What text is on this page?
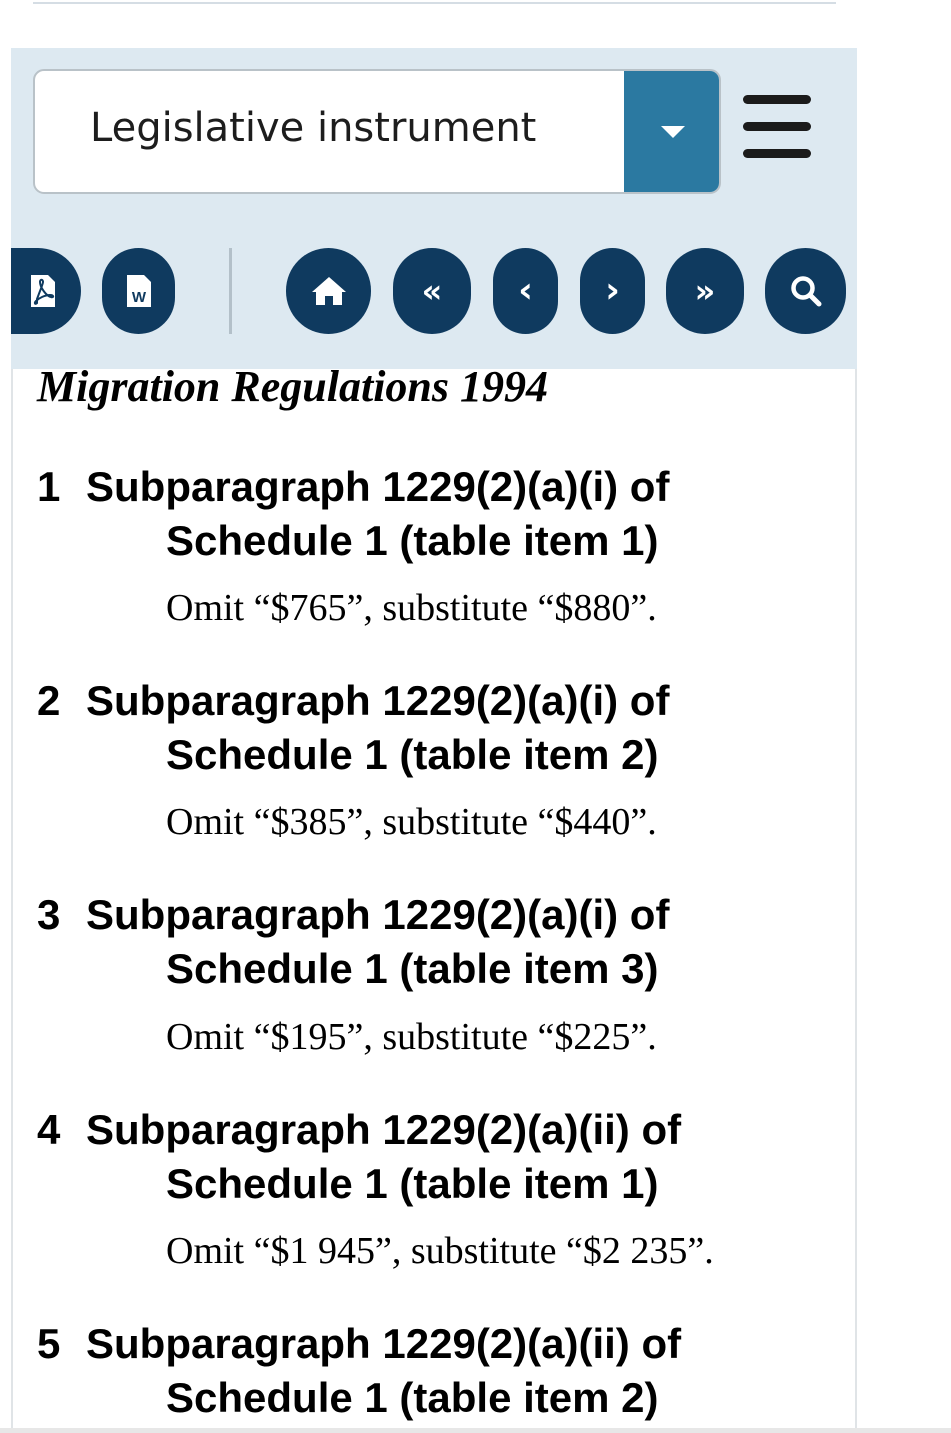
Legislative instrument
W	« ‹ › »
Migration Regulations 1994
1 Subparagraph 1229(2)(a)(i) of
Schedule 1 (table item 1)
Omit “$765”, substitute “$880”.
2 Subparagraph 1229(2)(a)(i) of
Schedule 1 (table item 2)
Omit “$385”, substitute “$440”.
3 Subparagraph 1229(2)(a)(i) of
Schedule 1 (table item 3)
Omit “$195”, substitute “$225”.
4 Subparagraph 1229(2)(a)(ii) of
Schedule 1 (table item 1)
Omit “$1 945”, substitute “$2 235”.
5 Subparagraph 1229(2)(a)(ii) of
Schedule 1 (table item 2)
